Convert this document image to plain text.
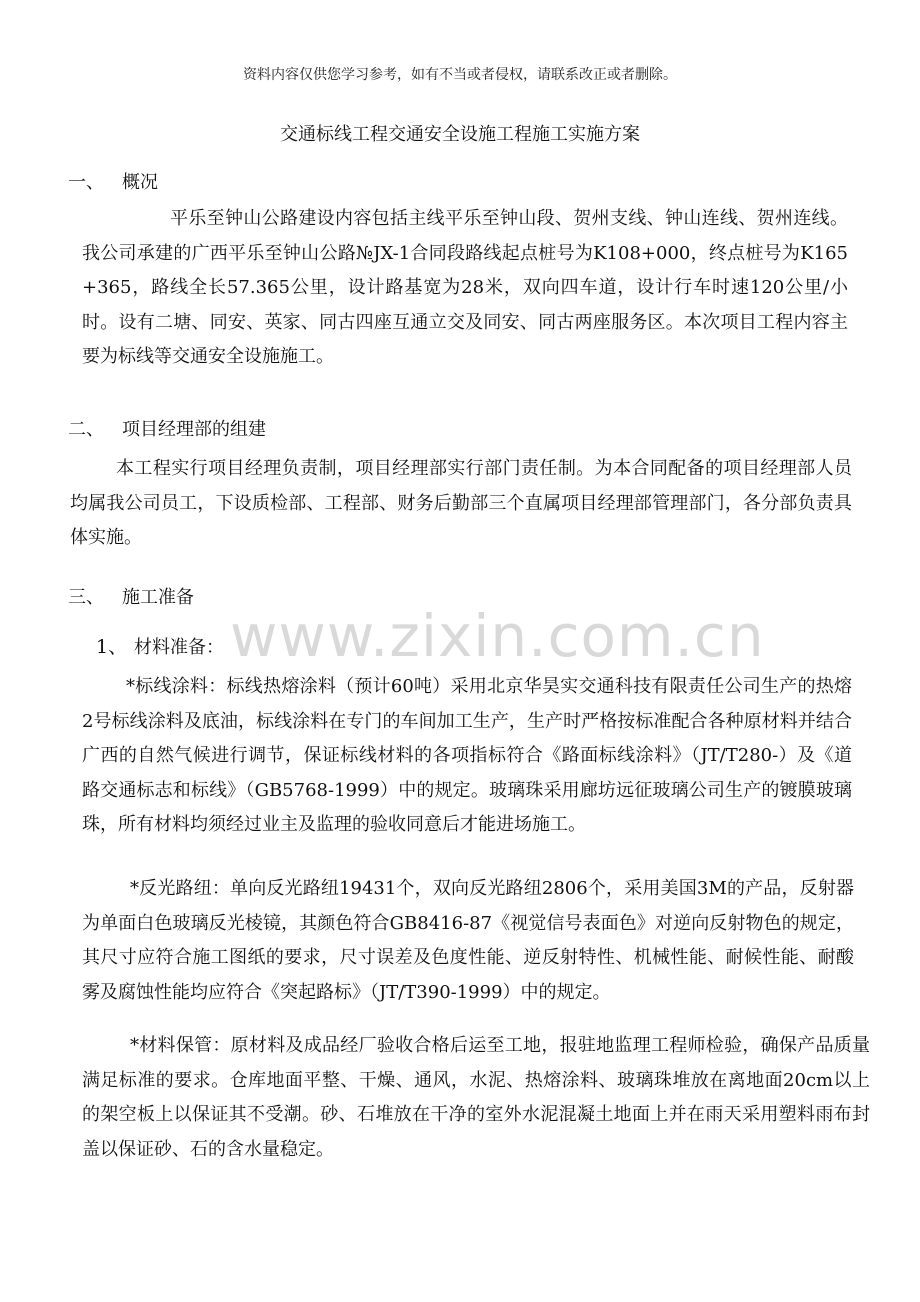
资料内容仅供您学习参考，如有不当或者侵权，请联系改正或者删除。
交通标线工程交通安全设施工程施工实施方案
一、 概况
平乐至钟山公路建设内容包括主线平乐至钟山段、贺州支线、钟山连线、贺州连线。我公司承建的广西平乐至钟山公路№JX-1合同段路线起点桩号为K108+000，终点桩号为K165+365，路线全长57.365公里，设计路基宽为28米，双向四车道，设计行车时速120公里/小时。设有二塘、同安、英家、同古四座互通立交及同安、同古两座服务区。本次项目工程内容主要为标线等交通安全设施施工。
二、 项目经理部的组建
本工程实行项目经理负责制，项目经理部实行部门责任制。为本合同配备的项目经理部人员均属我公司员工，下设质检部、工程部、财务后勤部三个直属项目经理部管理部门，各分部负责具体实施。
三、 施工准备
www.zixin.com.cn
1、 材料准备：
*标线涂料：标线热熔涂料（预计60吨）采用北京华昊实交通科技有限责任公司生产的热熔2号标线涂料及底油，标线涂料在专门的车间加工生产，生产时严格按标准配合各种原材料并结合广西的自然气候进行调节，保证标线材料的各项指标符合《路面标线涂料》（JT/T280-）及《道路交通标志和标线》（GB5768-1999）中的规定。玻璃珠采用廊坊远征玻璃公司生产的镀膜玻璃珠，所有材料均须经过业主及监理的验收同意后才能进场施工。
*反光路纽：单向反光路纽19431个，双向反光路纽2806个，采用美国3M的产品，反射器为单面白色玻璃反光棱镜，其颜色符合GB8416-87《视觉信号表面色》对逆向反射物色的规定，其尺寸应符合施工图纸的要求，尺寸误差及色度性能、逆反射特性、机械性能、耐候性能、耐酸雾及腐蚀性能均应符合《突起路标》（JT/T390-1999）中的规定。
*材料保管：原材料及成品经厂验收合格后运至工地，报驻地监理工程师检验，确保产品质量满足标准的要求。仓库地面平整、干燥、通风，水泥、热熔涂料、玻璃珠堆放在离地面20cm以上的架空板上以保证其不受潮。砂、石堆放在干净的室外水泥混凝土地面上并在雨天采用塑料雨布封盖以保证砂、石的含水量稳定。
